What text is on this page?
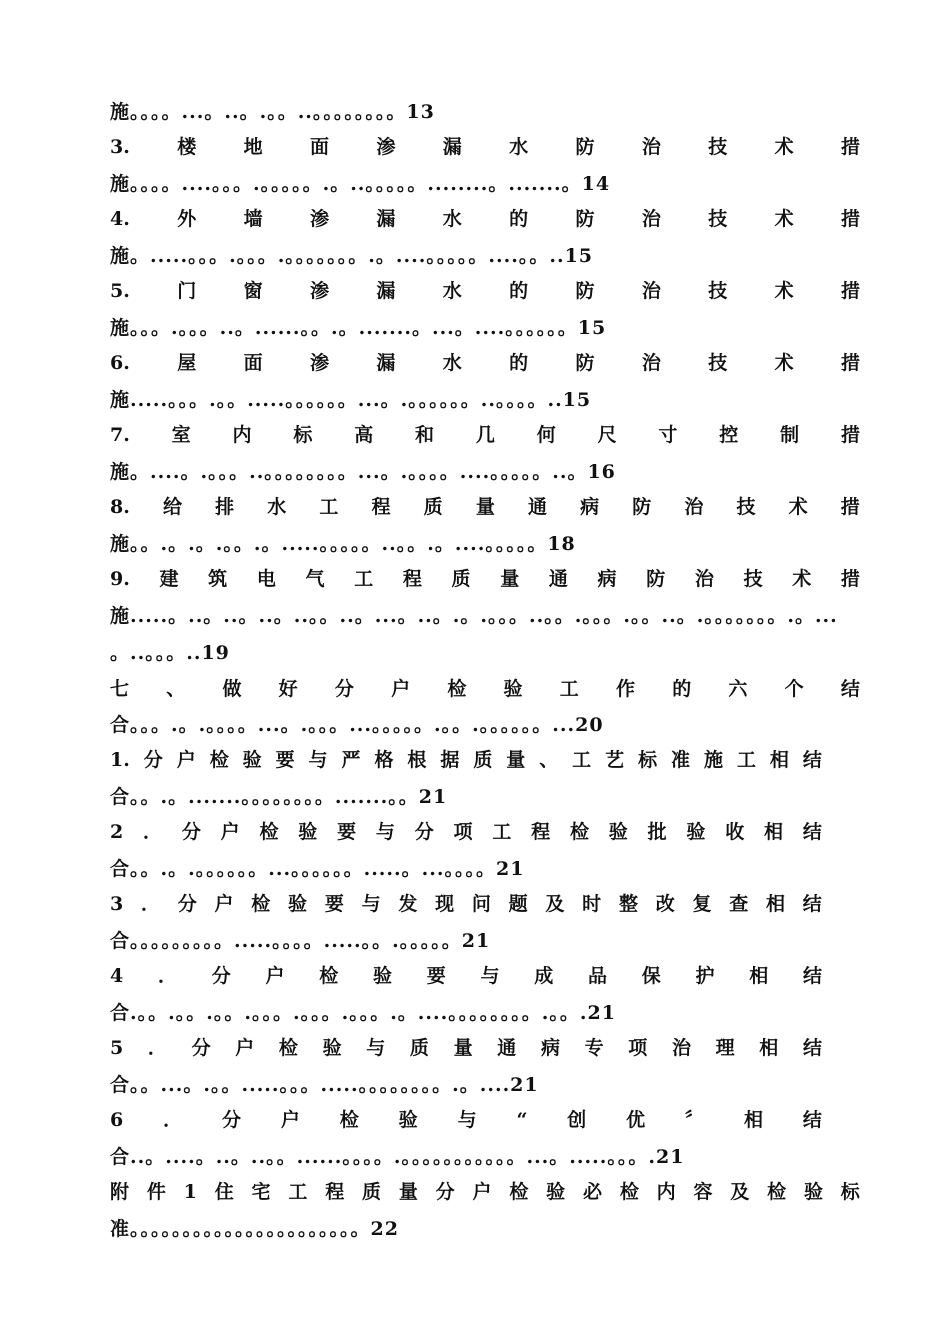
施。。。。...。..。.。。..。。。。。。。。13
3. 楼 地 面 渗 漏 水 防 治 技 术 措
施。。。。....。。。.。。。。。.。..。。。。。........。.......。14
4. 外 墙 渗 漏 水 的 防 治 技 术 措
施。.....。。。.。。。.。。。。。。。.。....。。。。。....。。..15
5. 门 窗 渗 漏 水 的 防 治 技 术 措
施。。。.。。。..。......。。.。.......。...。....。。。。。。15
6. 屋 面 渗 漏 水 的 防 治 技 术 措
施.....。。。.。。.....。。。。。。...。.。。。。。。..。。。。..15
7. 室 内 标 高 和 几 何 尺 寸 控 制 措
施。....。.。。。..。。。。。。。。...。.。。。。....。。。。。..。16
8. 给 排 水 工 程 质 量 通 病 防 治 技 术 措
施。。.。.。.。。.。.....。。。。。..。。.。....。。。。。18
9. 建 筑 电 气 工 程 质 量 通 病 防 治 技 术 措
施.....。..。..。..。..。。..。...。..。.。.。。。..。。.。。。.。。..。.。。。。。。。.。...
。..。。。..19
七 、 做 好 分 户 检 验 工 作 的 六 个 结
合。。。.。.。。。。...。.。。。...。。。。。.。。.。。。。。。...20
1. 分 户 检 验 要 与 严 格 根 据 质 量 、 工 艺 标 准 施 工 相 结
合。。.。.......。。。。。。。。.......。。21
2 ． 分 户 检 验 要 与 分 项 工 程 检 验 批 验 收 相 结
合。。.。.。。。。。。...。。。。。。.....。...。。。。21
3 ． 分 户 检 验 要 与 发 现 问 题 及 时 整 改 复 查 相 结
合。。。。。。。。。.....。。。。.....。。.。。。。。21
4 ． 分 户 检 验 要 与 成 品 保 护 相 结
合.。。.。。.。。.。。。.。。。.。。。.。....。。。。。。。。.。。.21
5 ． 分 户 检 验 与 质 量 通 病 专 项 治 理 相 结
合。。...。.。。.....。。。.....。。。。。。。。.。....21
6 ． 分 户 检 验 与 “ 创 优 〞 相 结
合..。....。..。..。。......。。。。.。。。。。。。。。。。...。.....。。。.21
附 件 1 住 宅 工 程 质 量 分 户 检 验 必 检 内 容 及 检 验 标
准。。。。。。。。。。。。。。。。。。。。。。22
